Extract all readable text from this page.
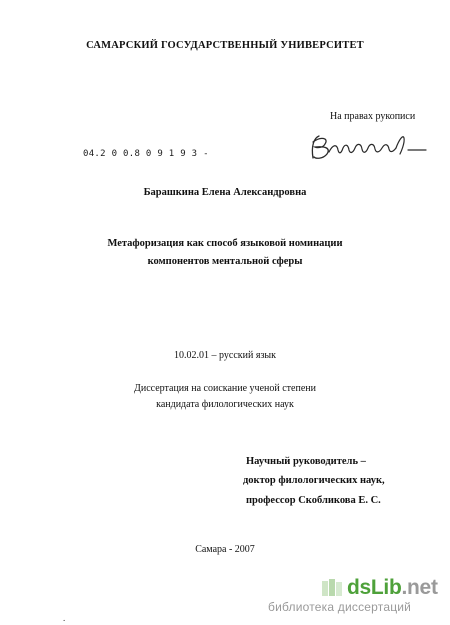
САМАРСКИЙ ГОСУДАРСТВЕННЫЙ УНИВЕРСИТЕТ
На правах рукописи
04.2 0 0.8 0 9 1 9 3 -
Барашкина Елена Александровна
Метафоризация как способ языковой номинации
компонентов ментальной сферы
10.02.01 – русский язык
Диссертация на соискание ученой степени
кандидата филологических наук
Научный руководитель –
доктор филологических наук,
профессор Скобликова Е. С.
Самара - 2007
.
dsLib.net
библиотека диссертаций
